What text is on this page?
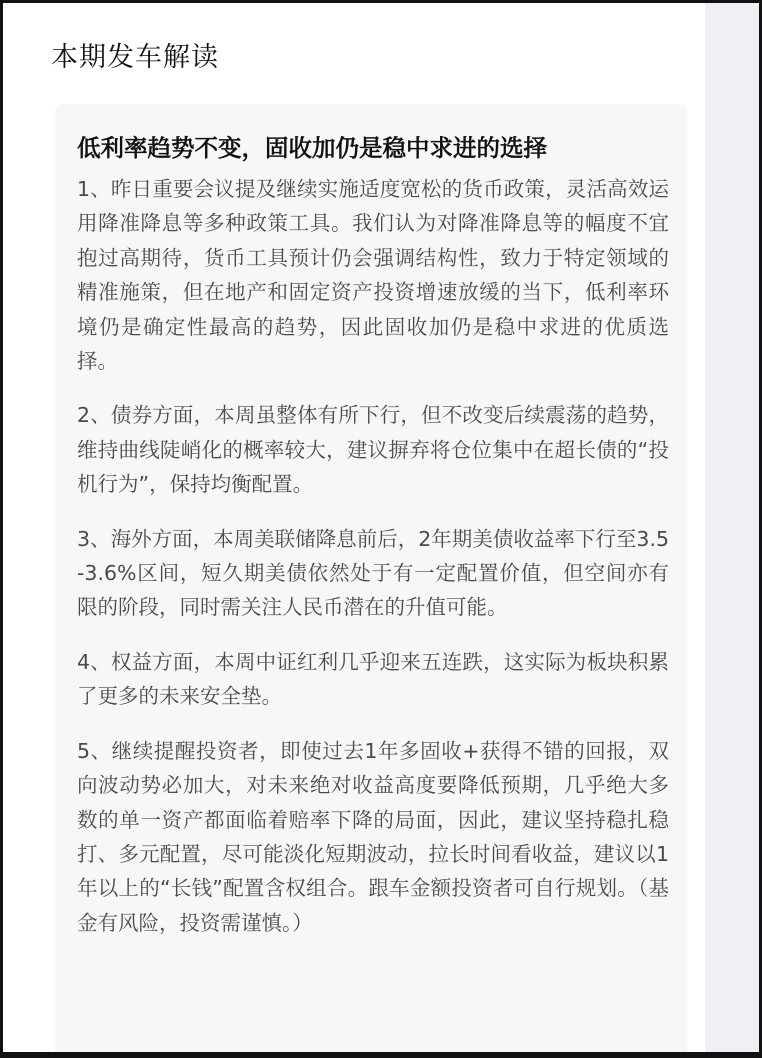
本期发车解读
低利率趋势不变，固收加仍是稳中求进的选择

1、昨日重要会议提及继续实施适度宽松的货币政策，灵活高效运用降准降息等多种政策工具。我们认为对降准降息等的幅度不宜抱过高期待，货币工具预计仍会强调结构性，致力于特定领域的精准施策，但在地产和固定资产投资增速放缓的当下，低利率环境仍是确定性最高的趋势，因此固收加仍是稳中求进的优质选择。

2、债券方面，本周虽整体有所下行，但不改变后续震荡的趋势，维持曲线陡峭化的概率较大，建议摒弃将仓位集中在超长债的“投机行为”，保持均衡配置。

3、海外方面，本周美联储降息前后，2年期美债收益率下行至3.5-3.6%区间，短久期美债依然处于有一定配置价值，但空间亦有限的阶段，同时需关注人民币潜在的升值可能。

4、权益方面，本周中证红利几乎迎来五连跌，这实际为板块积累了更多的未来安全垫。

5、继续提醒投资者，即使过去1年多固收+获得不错的回报，双向波动势必加大，对未来绝对收益高度要降低预期，几乎绝大多数的单一资产都面临着赔率下降的局面，因此，建议坚持稳扎稳打、多元配置，尽可能淡化短期波动，拉长时间看收益，建议以1年以上的“长钱”配置含权组合。跟车金额投资者可自行规划。（基金有风险，投资需谨慎。）
